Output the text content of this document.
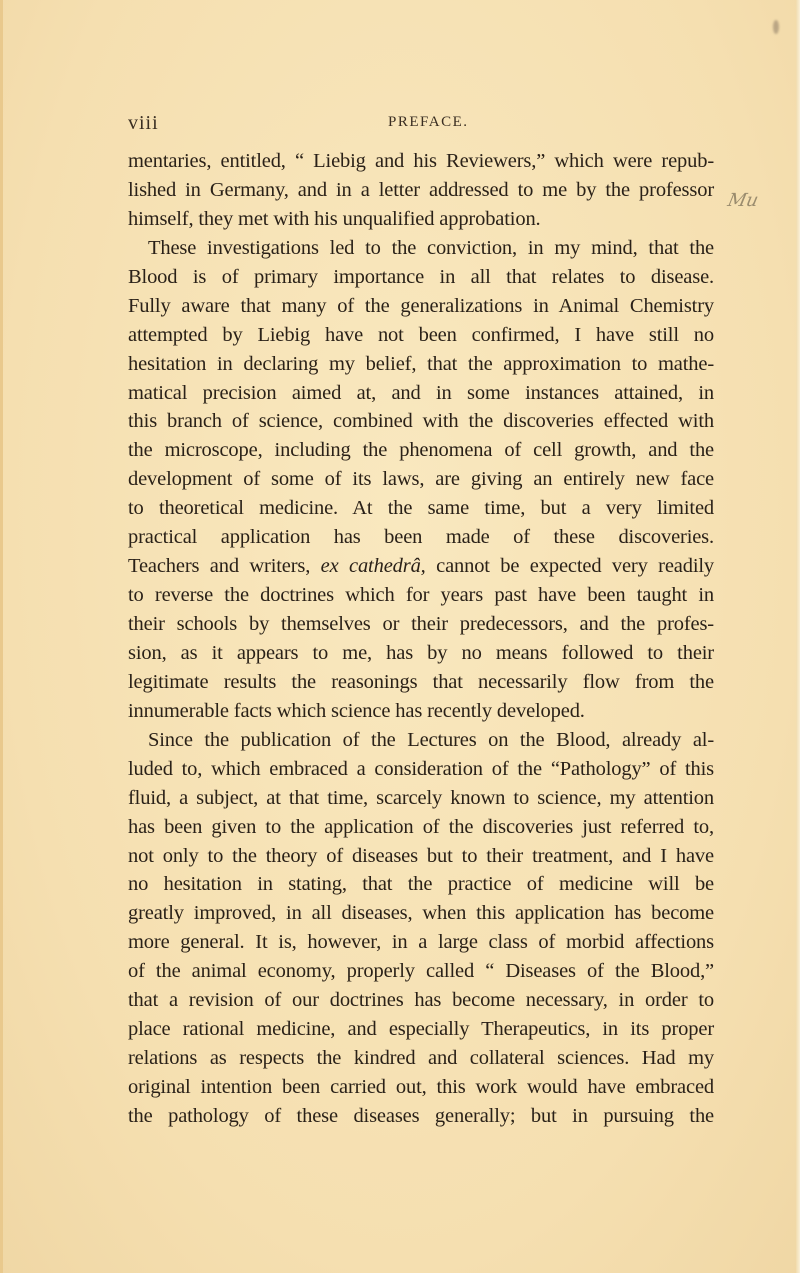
viii	PREFACE.
Mu
mentaries, entitled, “ Liebig and his Reviewers,” which were repub-
lished in Germany, and in a letter addressed to me by the professor
himself, they met with his unqualified approbation.
These investigations led to the conviction, in my mind, that the
Blood is of primary importance in all that relates to disease.
Fully aware that many of the generalizations in Animal Chemistry
attempted by Liebig have not been confirmed, I have still no
hesitation in declaring my belief, that the approximation to mathe-
matical precision aimed at, and in some instances attained, in
this branch of science, combined with the discoveries effected with
the microscope, including the phenomena of cell growth, and the
development of some of its laws, are giving an entirely new face
to theoretical medicine. At the same time, but a very limited
practical application has been made of these discoveries.
Teachers and writers, ex cathedrâ, cannot be expected very readily
to reverse the doctrines which for years past have been taught in
their schools by themselves or their predecessors, and the profes-
sion, as it appears to me, has by no means followed to their
legitimate results the reasonings that necessarily flow from the
innumerable facts which science has recently developed.
Since the publication of the Lectures on the Blood, already al-
luded to, which embraced a consideration of the “Pathology” of this
fluid, a subject, at that time, scarcely known to science, my attention
has been given to the application of the discoveries just referred to,
not only to the theory of diseases but to their treatment, and I have
no hesitation in stating, that the practice of medicine will be
greatly improved, in all diseases, when this application has become
more general. It is, however, in a large class of morbid affections
of the animal economy, properly called “ Diseases of the Blood,”
that a revision of our doctrines has become necessary, in order to
place rational medicine, and especially Therapeutics, in its proper
relations as respects the kindred and collateral sciences. Had my
original intention been carried out, this work would have embraced
the pathology of these diseases generally; but in pursuing the
